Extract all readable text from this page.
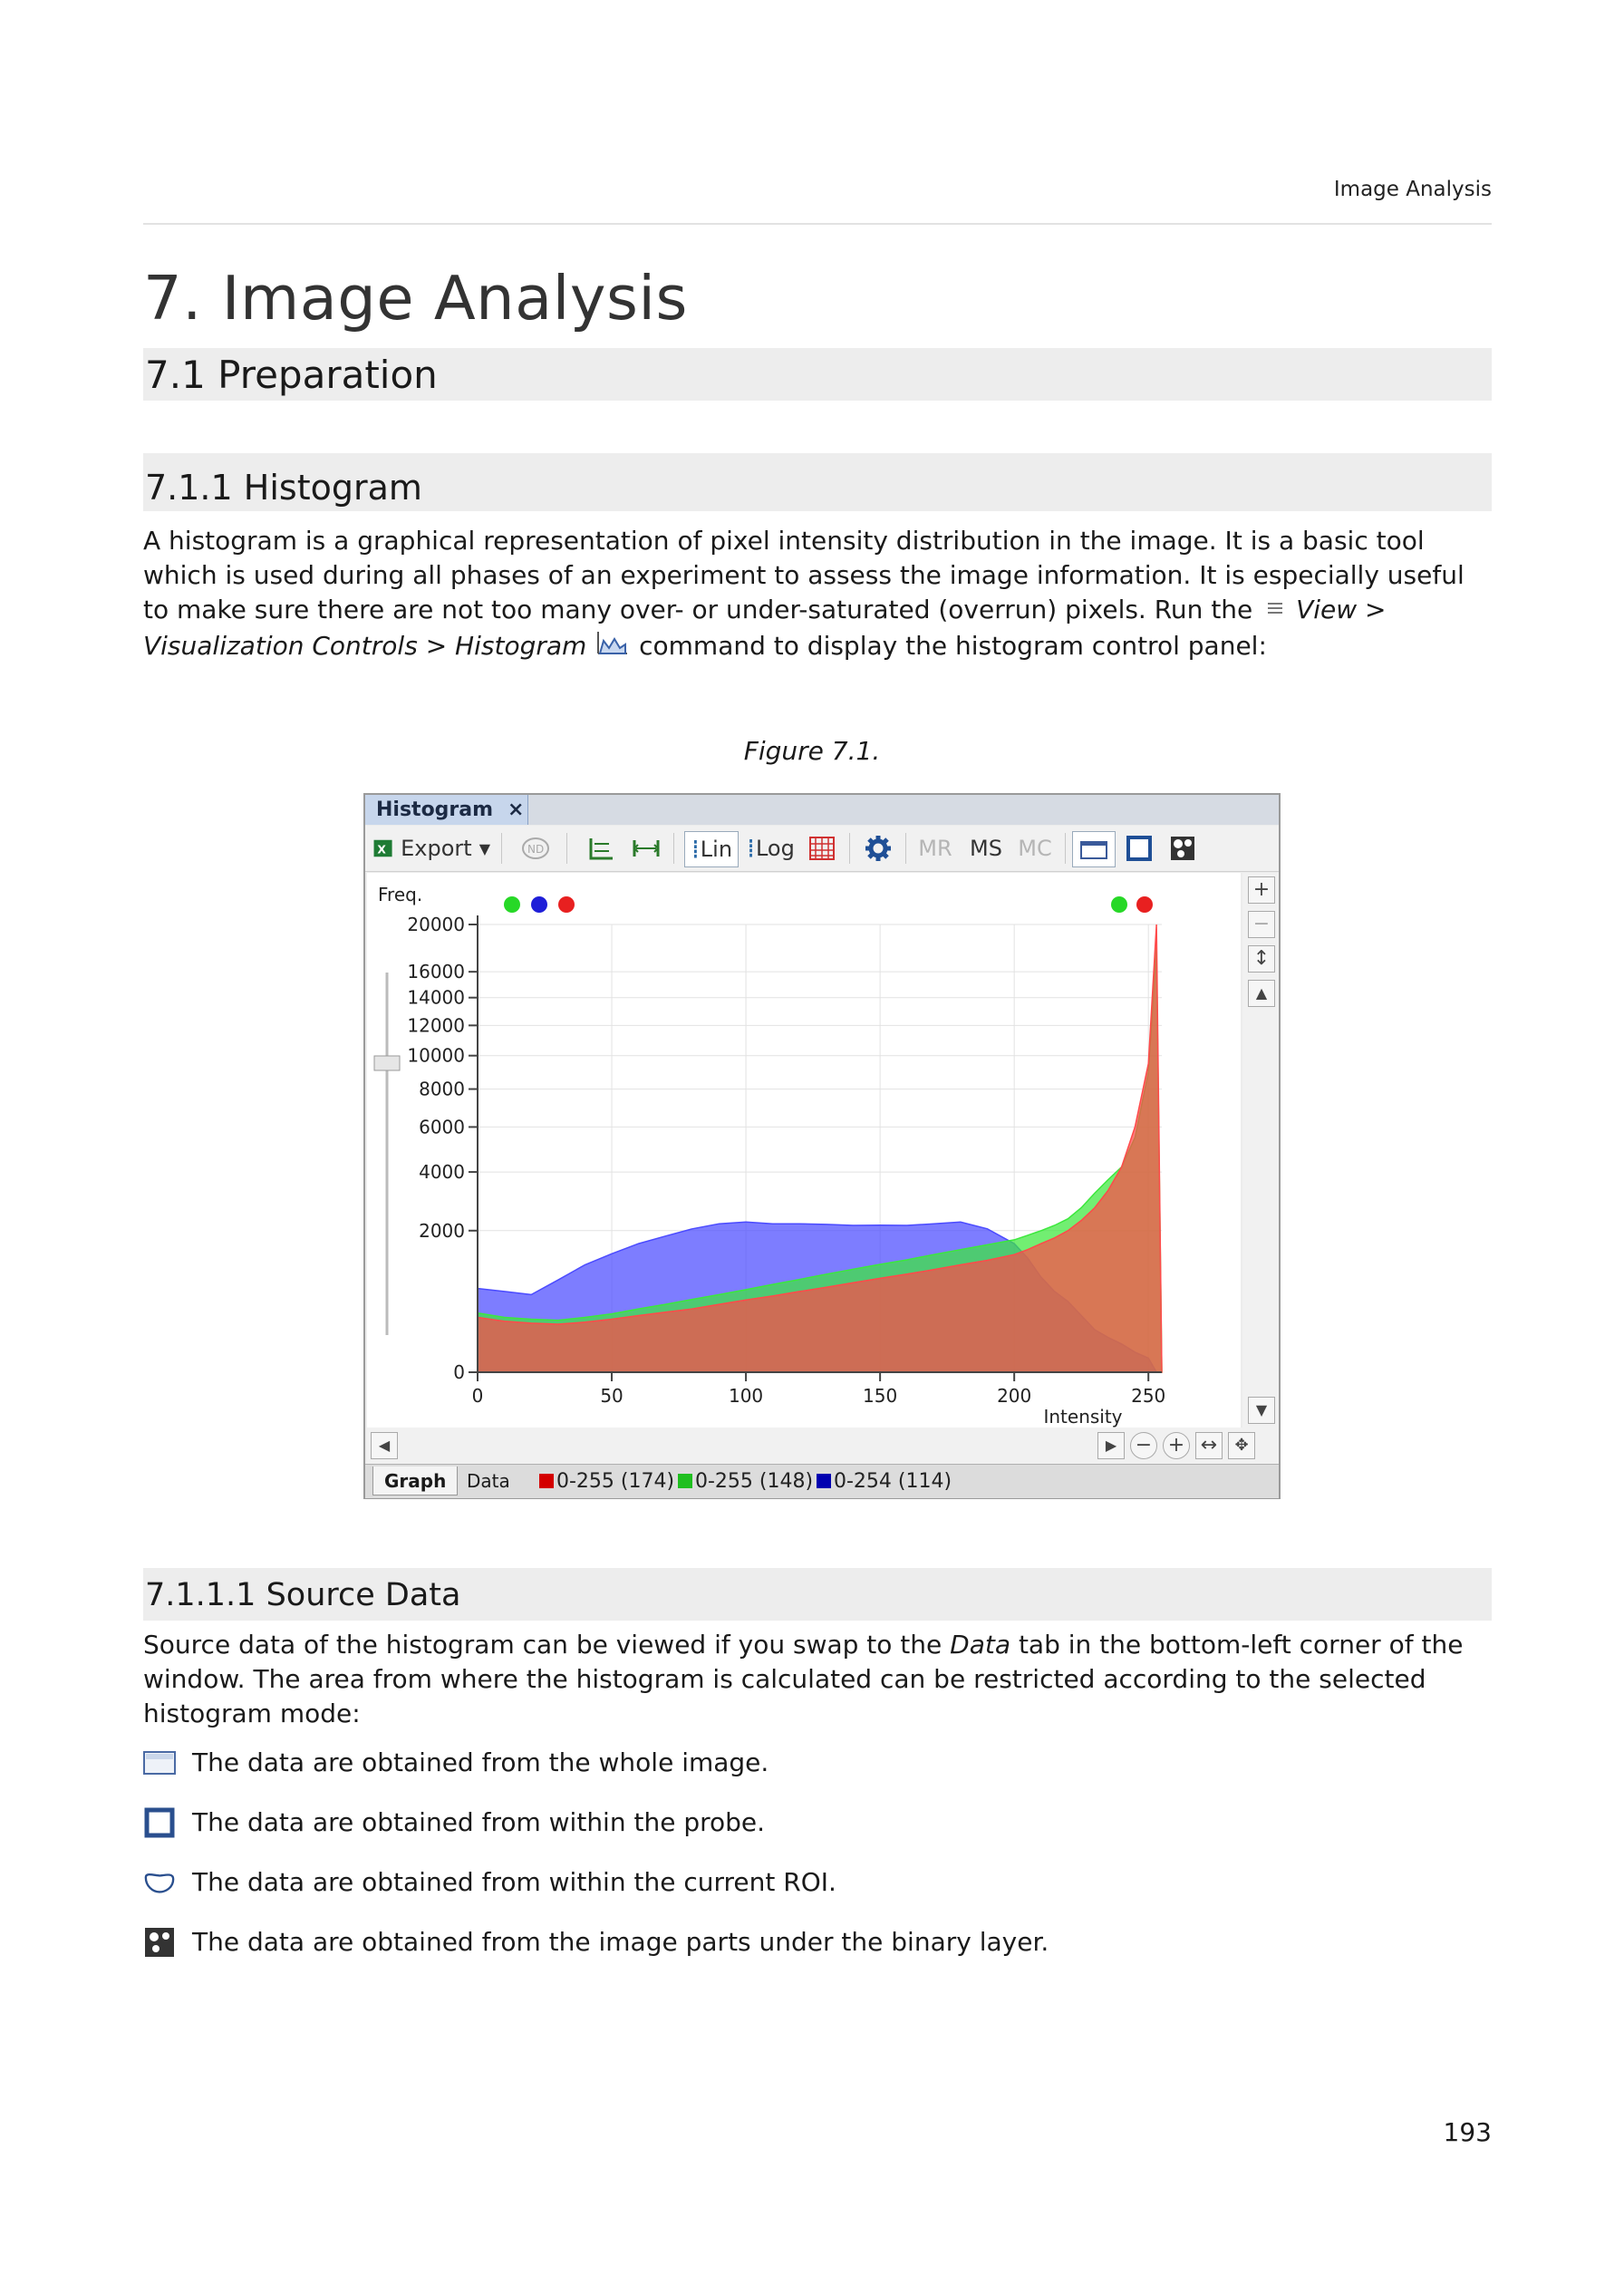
Image Analysis
7. Image Analysis
7.1 Preparation
7.1.1 Histogram
A histogram is a graphical representation of pixel intensity distribution in the image. It is a basic tool which is used during all phases of an experiment to assess the image information. It is especially useful to make sure there are not too many over- or under-saturated (overrun) pixels. Run the View > Visualization Controls > Histogram command to display the histogram control panel:
Figure 7.1.
Histogram ×
X Export ▼	ND	┋ Lin ┋ Log	MR MS MC
0
2000
4000
6000
8000
10000
12000
14000
16000
20000
0	50	100	150	200	250
Freq.
Intensity
+
−
↕
▲
▼
◀	▶ − + ↔	✥
Graph	Data	0-255 (174)	0-255 (148)	0-254 (114)
7.1.1.1 Source Data
Source data of the histogram can be viewed if you swap to the Data tab in the bottom-left corner of the window. The area from where the histogram is calculated can be restricted according to the selected histogram mode:
The data are obtained from the whole image.
The data are obtained from within the probe.
The data are obtained from within the current ROI.
The data are obtained from the image parts under the binary layer.
193
